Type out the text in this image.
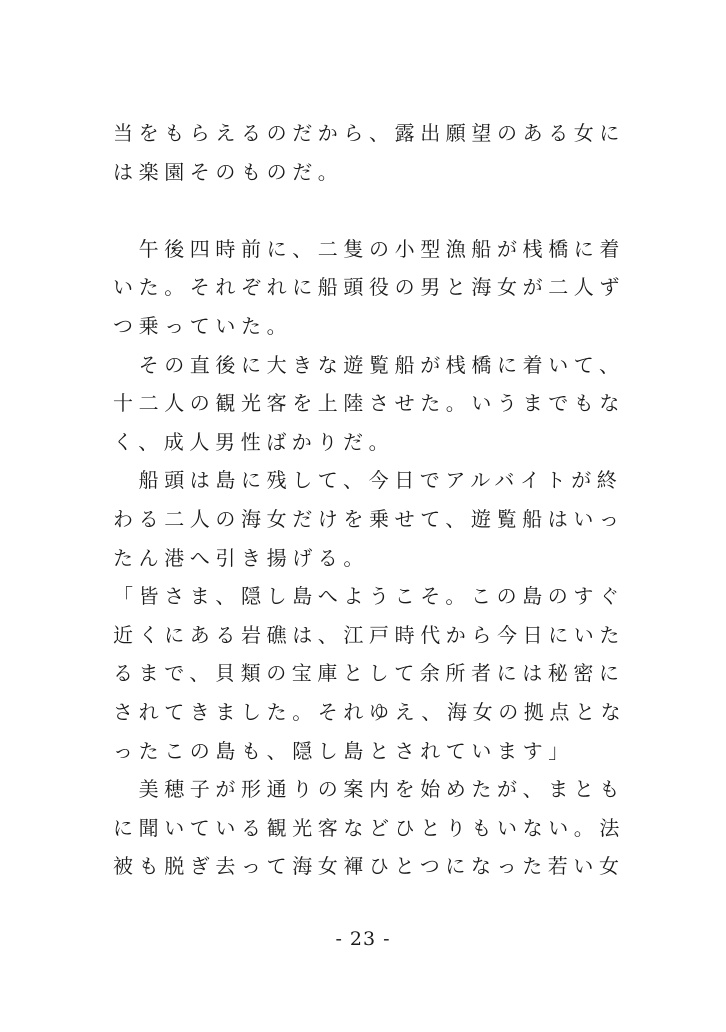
当をもらえるのだから、露出願望のある女に
は楽園そのものだ。
　午後四時前に、二隻の小型漁船が桟橋に着
いた。それぞれに船頭役の男と海女が二人ず
つ乗っていた。
　その直後に大きな遊覧船が桟橋に着いて、
十二人の観光客を上陸させた。いうまでもな
く、成人男性ばかりだ。
　船頭は島に残して、今日でアルバイトが終
わる二人の海女だけを乗せて、遊覧船はいっ
たん港へ引き揚げる。
「皆さま、隠し島へようこそ。この島のすぐ
近くにある岩礁は、江戸時代から今日にいた
るまで、貝類の宝庫として余所者には秘密に
されてきました。それゆえ、海女の拠点とな
ったこの島も、隠し島とされています」
　美穂子が形通りの案内を始めたが、まとも
に聞いている観光客などひとりもいない。法
被も脱ぎ去って海女褌ひとつになった若い女
- 23 -
